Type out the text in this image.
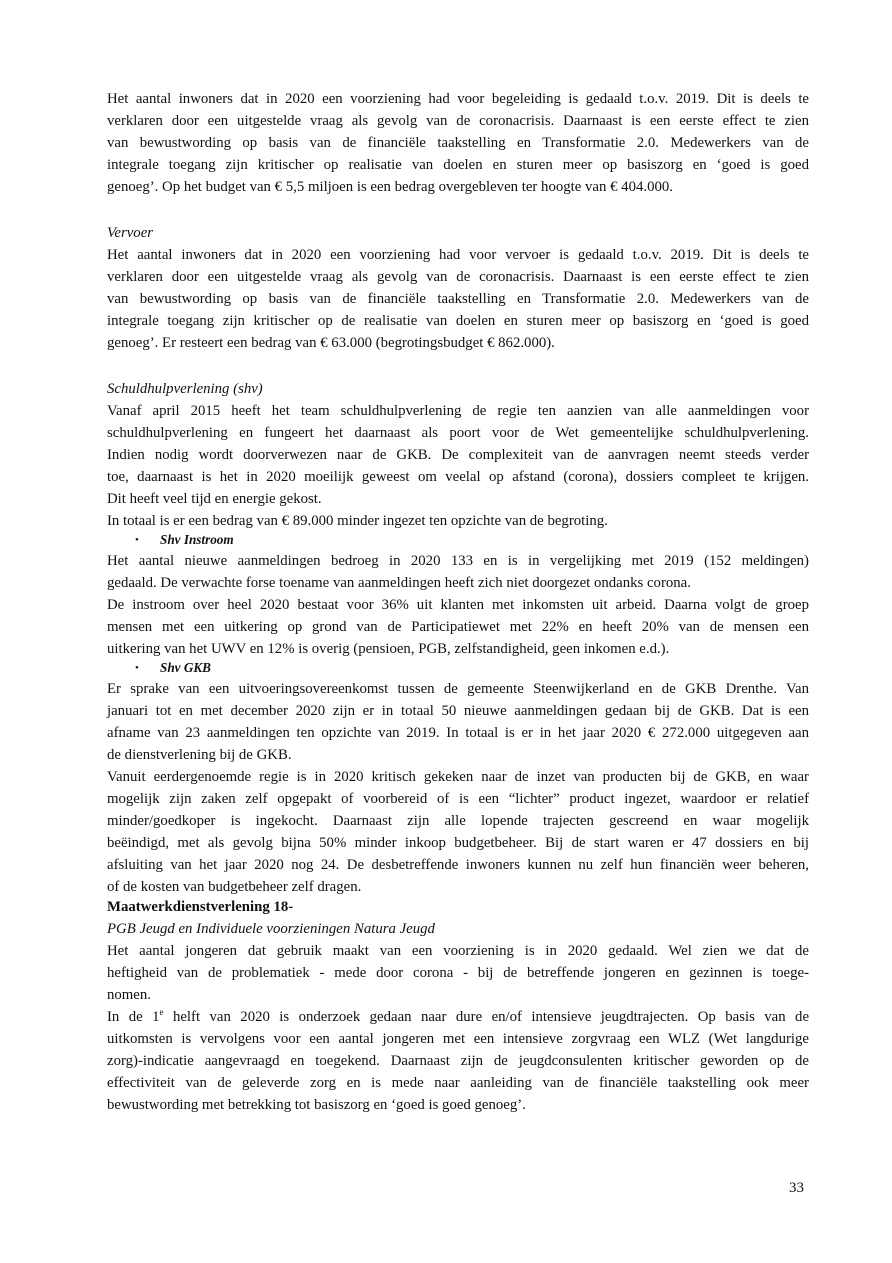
Het aantal inwoners dat in 2020 een voorziening had voor begeleiding is gedaald t.o.v. 2019. Dit is deels te
verklaren door een uitgestelde vraag als gevolg van de coronacrisis. Daarnaast is een eerste effect te zien
van bewustwording op basis van de financiële taakstelling en Transformatie 2.0. Medewerkers van de
integrale toegang zijn kritischer op realisatie van doelen en sturen meer op basiszorg en ‘goed is goed
genoeg’. Op het budget van € 5,5 miljoen is een bedrag overgebleven ter hoogte van € 404.000.
Vervoer
Het aantal inwoners dat in 2020 een voorziening had voor vervoer is gedaald t.o.v. 2019. Dit is deels te
verklaren door een uitgestelde vraag als gevolg van de coronacrisis. Daarnaast is een eerste effect te zien
van bewustwording op basis van de financiële taakstelling en Transformatie 2.0. Medewerkers van de
integrale toegang zijn kritischer op de realisatie van doelen en sturen meer op basiszorg en ‘goed is goed
genoeg’. Er resteert een bedrag van € 63.000 (begrotingsbudget € 862.000).
Schuldhulpverlening (shv)
Vanaf april 2015 heeft het team schuldhulpverlening de regie ten aanzien van alle aanmeldingen voor
schuldhulpverlening en fungeert het daarnaast als poort voor de Wet gemeentelijke schuldhulpverlening.
Indien nodig wordt doorverwezen naar de GKB. De complexiteit van de aanvragen neemt steeds verder
toe, daarnaast is het in 2020 moeilijk geweest om veelal op afstand (corona), dossiers compleet te krijgen.
Dit heeft veel tijd en energie gekost.
In totaal is er een bedrag van € 89.000 minder ingezet ten opzichte van de begroting.
• Shv Instroom
Het aantal nieuwe aanmeldingen bedroeg in 2020 133 en is in vergelijking met 2019 (152 meldingen)
gedaald. De verwachte forse toename van aanmeldingen heeft zich niet doorgezet ondanks corona.
De instroom over heel 2020 bestaat voor 36% uit klanten met inkomsten uit arbeid. Daarna volgt de groep
mensen met een uitkering op grond van de Participatiewet met 22% en heeft 20% van de mensen een
uitkering van het UWV en 12% is overig (pensioen, PGB, zelfstandigheid, geen inkomen e.d.).
• Shv GKB
Er sprake van een uitvoeringsovereenkomst tussen de gemeente Steenwijkerland en de GKB Drenthe. Van
januari tot en met december 2020 zijn er in totaal 50 nieuwe aanmeldingen gedaan bij de GKB. Dat is een
afname van 23 aanmeldingen ten opzichte van 2019. In totaal is er in het jaar 2020 € 272.000 uitgegeven aan
de dienstverlening bij de GKB.
Vanuit eerdergenoemde regie is in 2020 kritisch gekeken naar de inzet van producten bij de GKB, en waar
mogelijk zijn zaken zelf opgepakt of voorbereid of is een “lichter” product ingezet, waardoor er relatief
minder/goedkoper is ingekocht. Daarnaast zijn alle lopende trajecten gescreend en waar mogelijk
beëindigd, met als gevolg bijna 50% minder inkoop budgetbeheer. Bij de start waren er 47 dossiers en bij
afsluiting van het jaar 2020 nog 24. De desbetreffende inwoners kunnen nu zelf hun financiën weer beheren,
of de kosten van budgetbeheer zelf dragen.
Maatwerkdienstverlening 18-
PGB Jeugd en Individuele voorzieningen Natura Jeugd
Het aantal jongeren dat gebruik maakt van een voorziening is in 2020 gedaald. Wel zien we dat de
heftigheid van de problematiek - mede door corona - bij de betreffende jongeren en gezinnen is toege-
nomen.
In de 1e helft van 2020 is onderzoek gedaan naar dure en/of intensieve jeugdtrajecten. Op basis van de
uitkomsten is vervolgens voor een aantal jongeren met een intensieve zorgvraag een WLZ (Wet langdurige
zorg)-indicatie aangevraagd en toegekend. Daarnaast zijn de jeugdconsulenten kritischer geworden op de
effectiviteit van de geleverde zorg en is mede naar aanleiding van de financiële taakstelling ook meer
bewustwording met betrekking tot basiszorg en ‘goed is goed genoeg’.
33
